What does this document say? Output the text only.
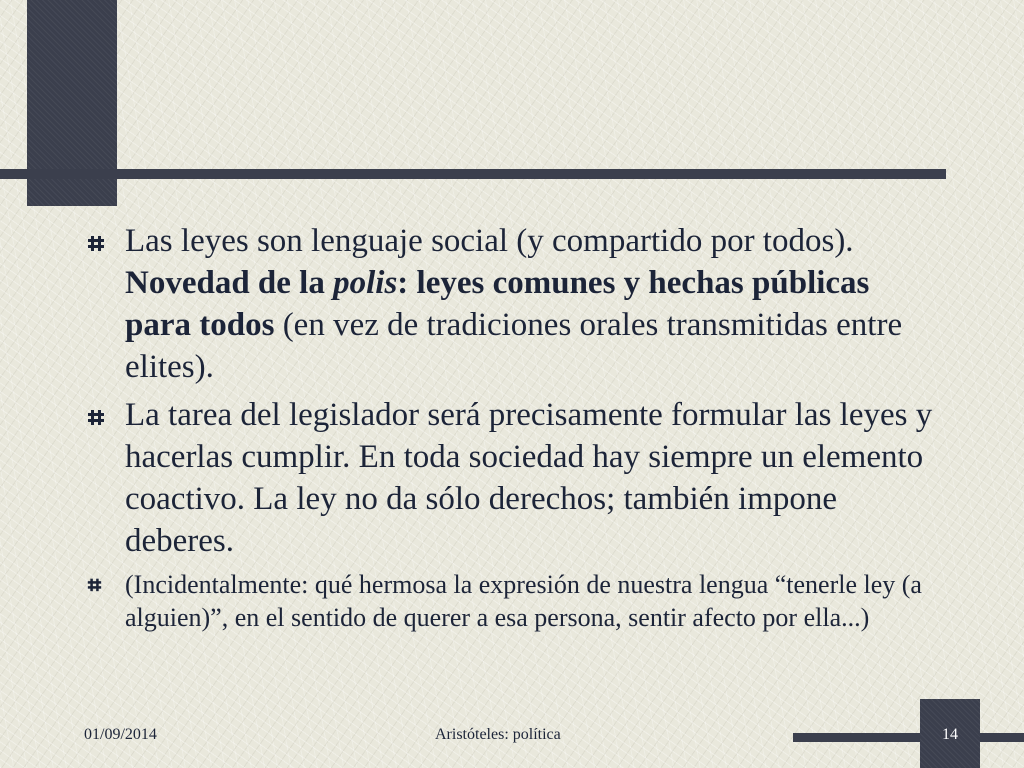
Las leyes son lenguaje social (y compartido por todos). Novedad de la polis: leyes comunes y hechas públicas para todos (en vez de tradiciones orales transmitidas entre elites).
La tarea del legislador será precisamente formular las leyes y hacerlas cumplir. En toda sociedad hay siempre un elemento coactivo. La ley no da sólo derechos; también impone deberes.
(Incidentalmente: qué hermosa la expresión de nuestra lengua “tenerle ley (a alguien)”, en el sentido de querer a esa persona, sentir afecto por ella...)
01/09/2014	Aristóteles: política	14
